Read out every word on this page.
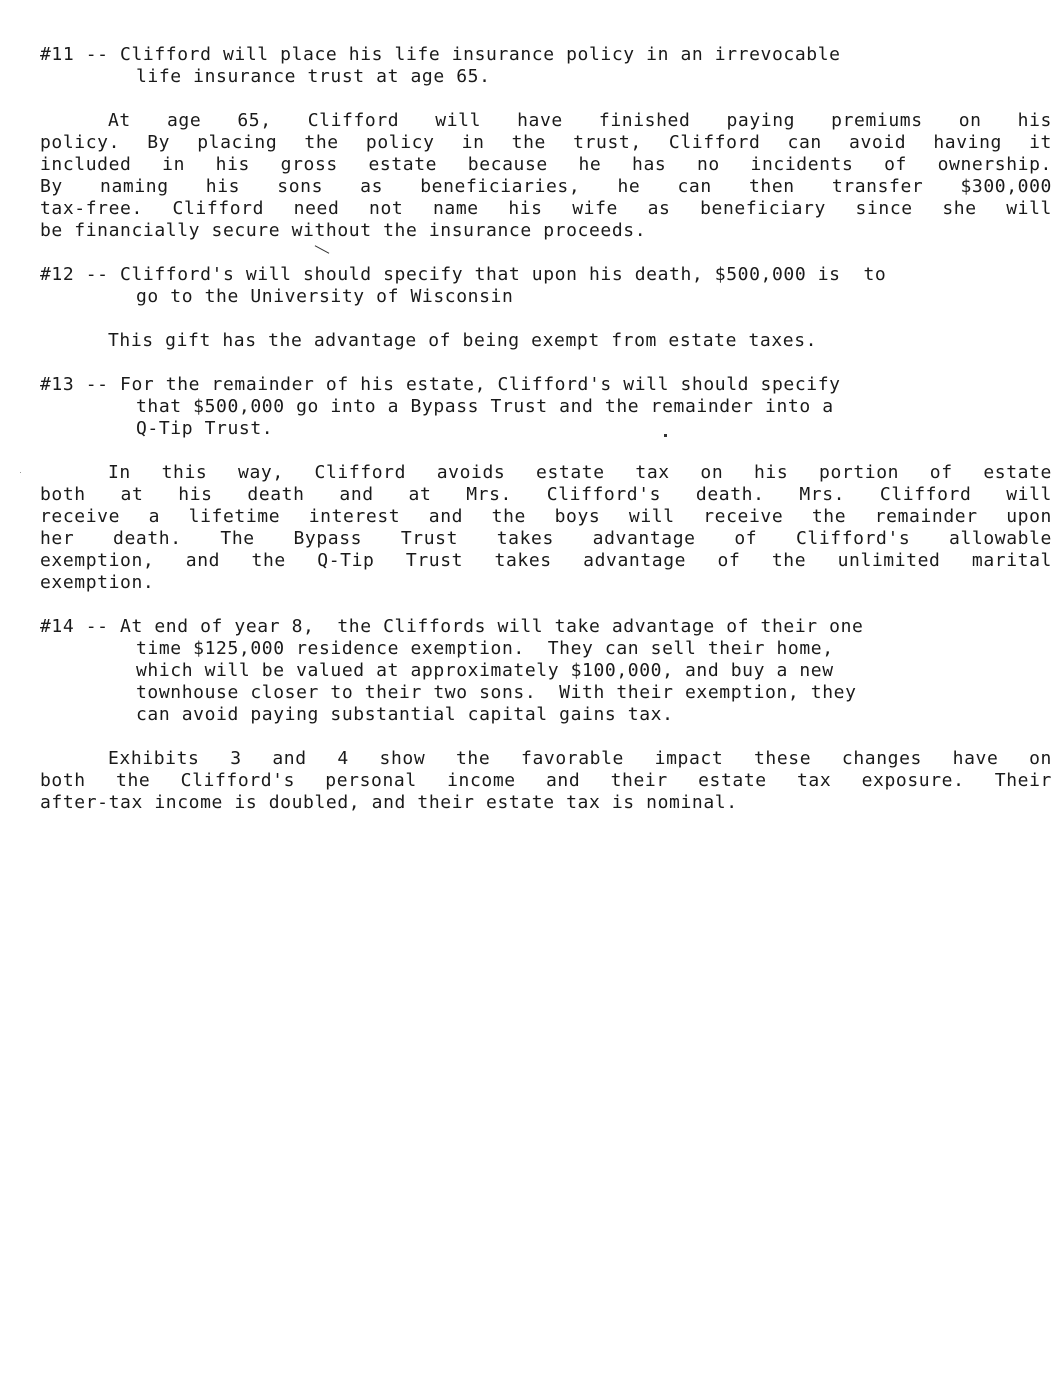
#11 -- Clifford will place his life insurance policy in an irrevocable
life insurance trust at age 65.
At age 65, Clifford will have finished paying premiums on his
policy. By placing the policy in the trust, Clifford can avoid having it
included in his gross estate because he has no incidents of ownership.
By naming his sons as beneficiaries, he can then transfer $300,000
tax-free. Clifford need not name his wife as beneficiary since she will
be financially secure without the insurance proceeds.
#12 -- Clifford's will should specify that upon his death, $500,000 is  to
go to the University of Wisconsin
This gift has the advantage of being exempt from estate taxes.
#13 -- For the remainder of his estate, Clifford's will should specify
that $500,000 go into a Bypass Trust and the remainder into a
Q-Tip Trust.
In this way, Clifford avoids estate tax on his portion of estate
both at his death and at Mrs. Clifford's death. Mrs. Clifford will
receive a lifetime interest and the boys will receive the remainder upon
her death. The Bypass Trust takes advantage of Clifford's allowable
exemption, and the Q-Tip Trust takes advantage of the unlimited marital
exemption.
#14 -- At end of year 8,  the Cliffords will take advantage of their one
time $125,000 residence exemption.  They can sell their home,
which will be valued at approximately $100,000, and buy a new
townhouse closer to their two sons.  With their exemption, they
can avoid paying substantial capital gains tax.
Exhibits 3 and 4 show the favorable impact these changes have on
both the Clifford's personal income and their estate tax exposure. Their
after-tax income is doubled, and their estate tax is nominal.
